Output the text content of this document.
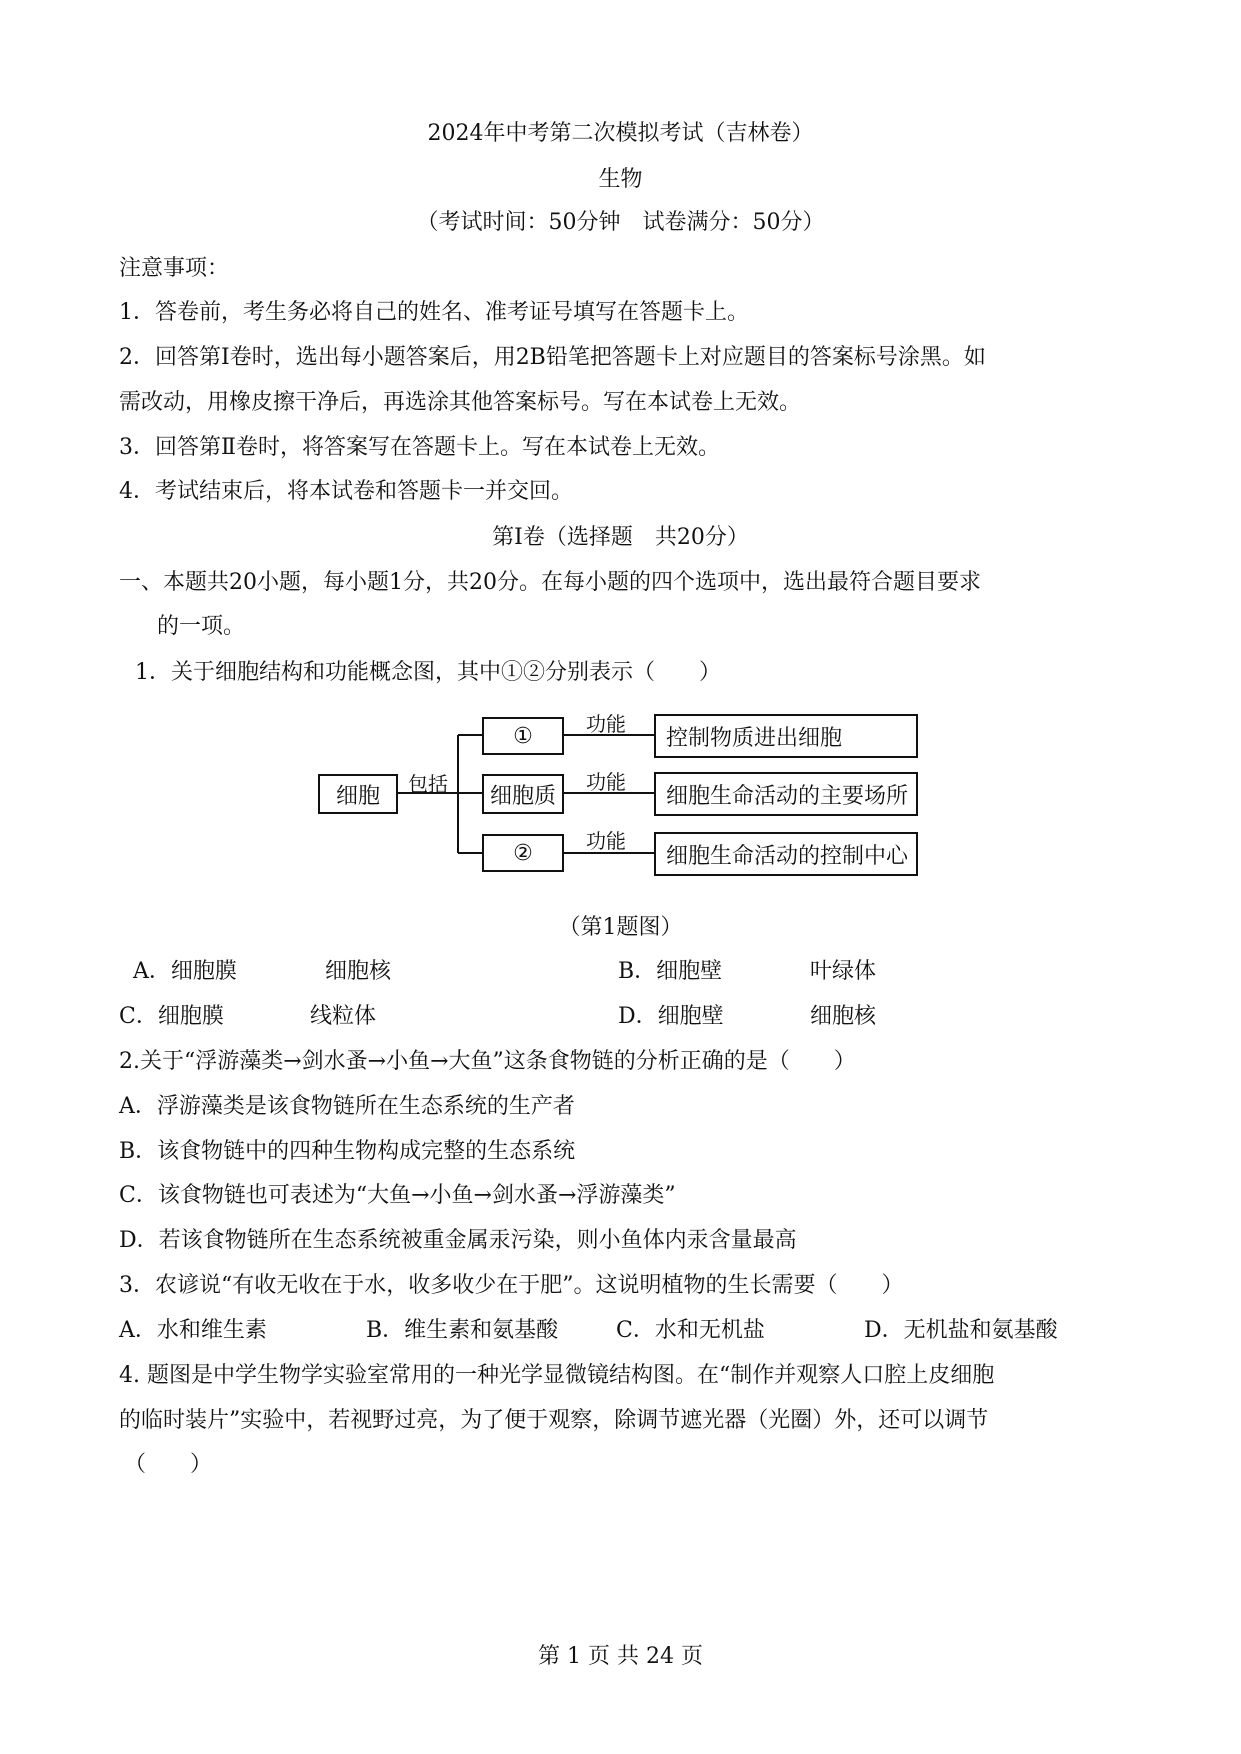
2024年中考第二次模拟考试（吉林卷）
生物
（考试时间：50分钟　试卷满分：50分）
注意事项：
1．答卷前，考生务必将自己的姓名、准考证号填写在答题卡上。
2．回答第Ⅰ卷时，选出每小题答案后，用2B铅笔把答题卡上对应题目的答案标号涂黑。如
需改动，用橡皮擦干净后，再选涂其他答案标号。写在本试卷上无效。
3．回答第Ⅱ卷时，将答案写在答题卡上。写在本试卷上无效。
4．考试结束后，将本试卷和答题卡一并交回。
第Ⅰ卷（选择题　共20分）
一、本题共20小题，每小题1分，共20分。在每小题的四个选项中，选出最符合题目要求
的一项。
1．关于细胞结构和功能概念图，其中①②分别表示（　　）
细胞	包括
①
细胞质
②
功能
功能
功能
控制物质进出细胞
细胞生命活动的主要场所
细胞生命活动的控制中心
（第1题图）
A．细胞膜	细胞核	B．细胞壁	叶绿体
C．细胞膜	线粒体	D．细胞壁	细胞核
2.关于“浮游藻类→剑水蚤→小鱼→大鱼”这条食物链的分析正确的是（　　）
A．浮游藻类是该食物链所在生态系统的生产者
B．该食物链中的四种生物构成完整的生态系统
C．该食物链也可表述为“大鱼→小鱼→剑水蚤→浮游藻类”
D．若该食物链所在生态系统被重金属汞污染，则小鱼体内汞含量最高
3．农谚说“有收无收在于水，收多收少在于肥”。这说明植物的生长需要（　　）
A．水和维生素	B．维生素和氨基酸	C．水和无机盐	D．无机盐和氨基酸
4. 题图是中学生物学实验室常用的一种光学显微镜结构图。在“制作并观察人口腔上皮细胞
的临时装片”实验中，若视野过亮，为了便于观察，除调节遮光器（光圈）外，还可以调节
（　　）
第 1 页 共 24 页
